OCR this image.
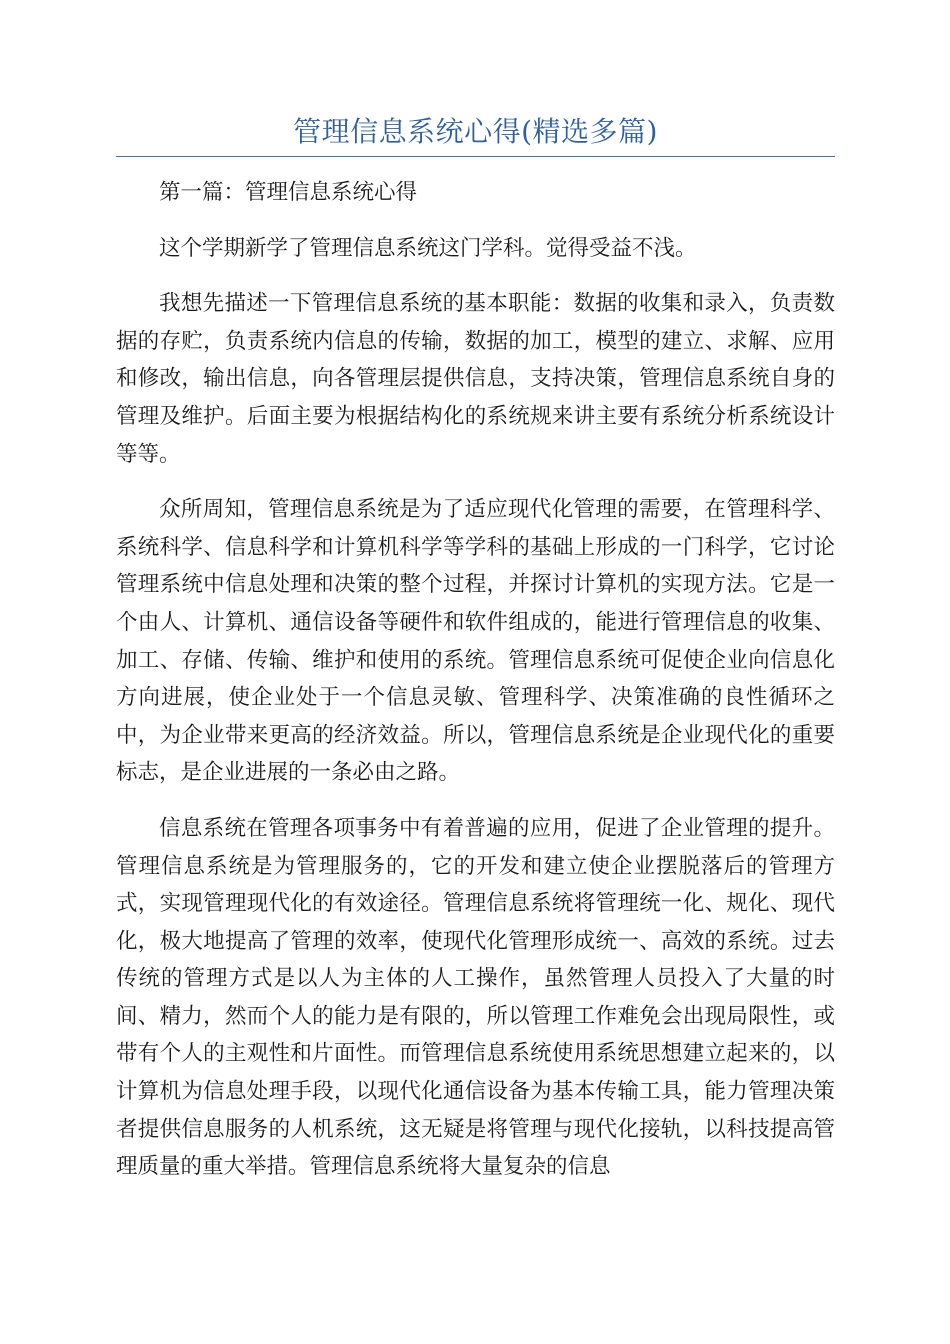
管理信息系统心得(精选多篇)

第一篇：管理信息系统心得

这个学期新学了管理信息系统这门学科。觉得受益不浅。

我想先描述一下管理信息系统的基本职能：数据的收集和录入，负责数据的存贮，负责系统内信息的传输，数据的加工，模型的建立、求解、应用和修改，输出信息，向各管理层提供信息，支持决策，管理信息系统自身的管理及维护。后面主要为根据结构化的系统规来讲主要有系统分析系统设计等等。

众所周知，管理信息系统是为了适应现代化管理的需要，在管理科学、系统科学、信息科学和计算机科学等学科的基础上形成的一门科学，它讨论管理系统中信息处理和决策的整个过程，并探讨计算机的实现方法。它是一个由人、计算机、通信设备等硬件和软件组成的，能进行管理信息的收集、加工、存储、传输、维护和使用的系统。管理信息系统可促使企业向信息化方向进展，使企业处于一个信息灵敏、管理科学、决策准确的良性循环之中，为企业带来更高的经济效益。所以，管理信息系统是企业现代化的重要标志，是企业进展的一条必由之路。

信息系统在管理各项事务中有着普遍的应用，促进了企业管理的提升。管理信息系统是为管理服务的，它的开发和建立使企业摆脱落后的管理方式，实现管理现代化的有效途径。管理信息系统将管理统一化、规化、现代化，极大地提高了管理的效率，使现代化管理形成统一、高效的系统。过去传统的管理方式是以人为主体的人工操作，虽然管理人员投入了大量的时间、精力，然而个人的能力是有限的，所以管理工作难免会出现局限性，或带有个人的主观性和片面性。而管理信息系统使用系统思想建立起来的，以计算机为信息处理手段，以现代化通信设备为基本传输工具，能力管理决策者提供信息服务的人机系统，这无疑是将管理与现代化接轨，以科技提高管理质量的重大举措。管理信息系统将大量复杂的信息
